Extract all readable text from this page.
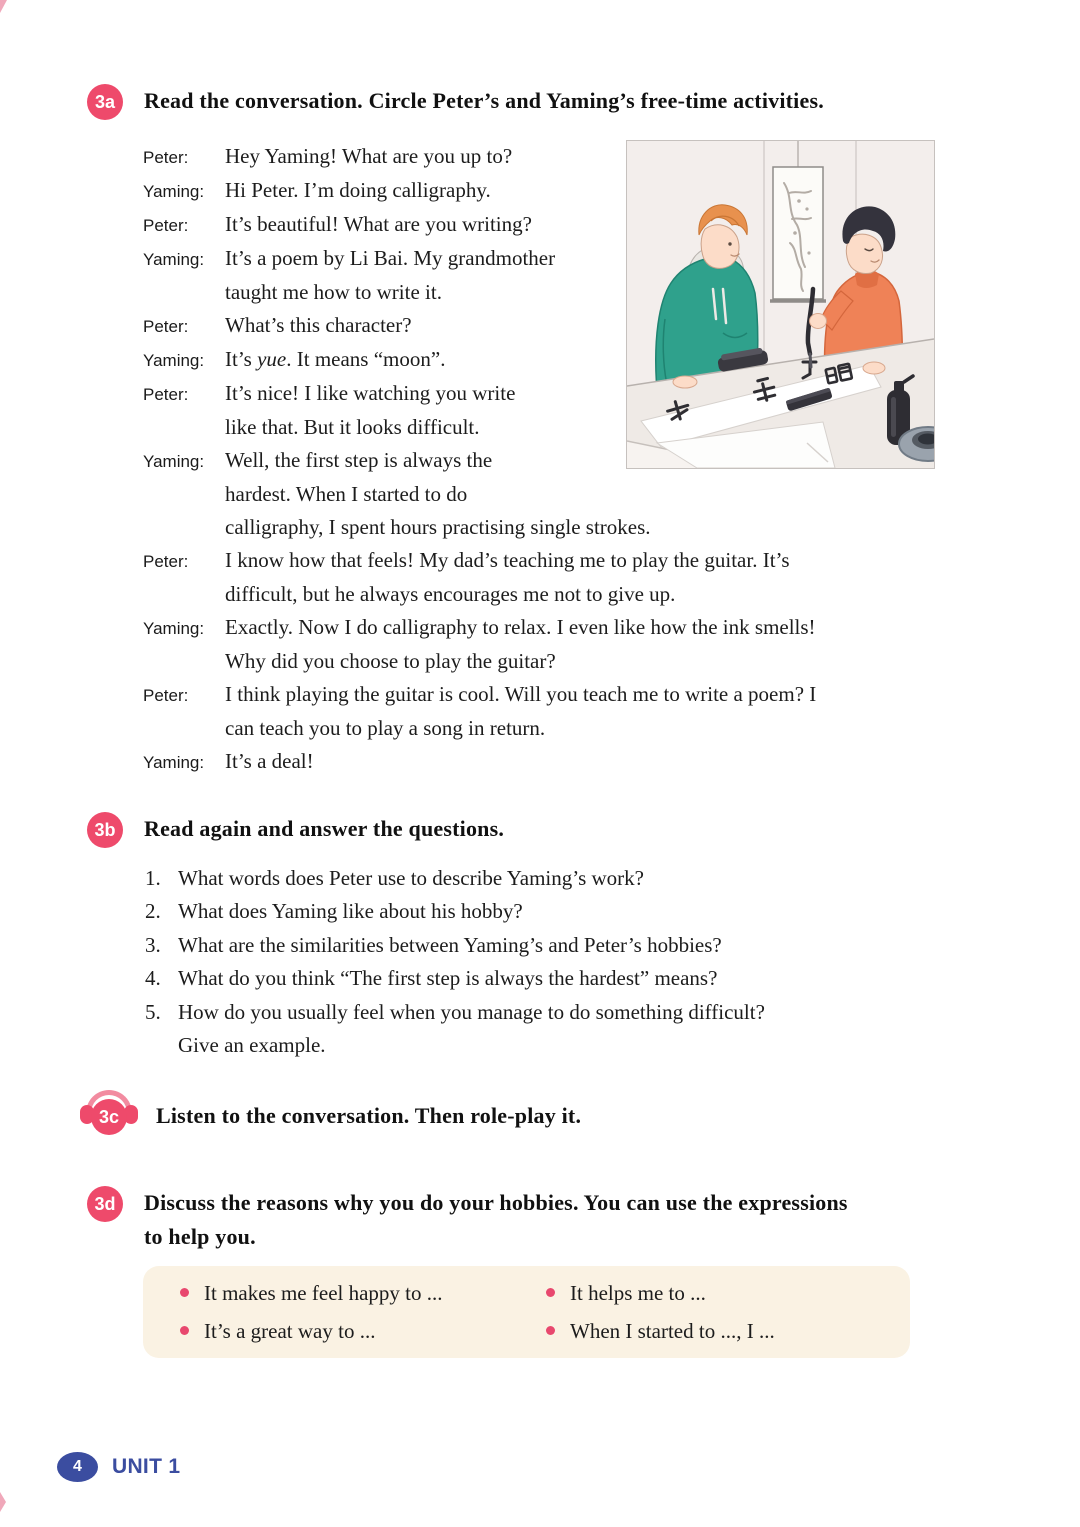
3a	Read the conversation. Circle Peter’s and Yaming’s free-time activities.

Peter: Hey Yaming! What are you up to?

Yaming: Hi Peter. I’m doing calligraphy.

Peter: It’s beautiful! What are you writing?

Yaming: It’s a poem by Li Bai. My grandmother
taught me how to write it.

Peter: What’s this character?

Yaming: It’s yue. It means “moon”.

Peter: It’s nice! I like watching you write
like that. But it looks difficult.

Yaming: Well, the first step is always the
hardest. When I started to do
calligraphy, I spent hours practising single strokes.

Peter: I know how that feels! My dad’s teaching me to play the guitar. It’s
difficult, but he always encourages me not to give up.

Yaming: Exactly. Now I do calligraphy to relax. I even like how the ink smells!
Why did you choose to play the guitar?

Peter: I think playing the guitar is cool. Will you teach me to write a poem? I
can teach you to play a song in return.

Yaming: It’s a deal!

3b	Read again and answer the questions.

1. What words does Peter use to describe Yaming’s work?

2. What does Yaming like about his hobby?

3. What are the similarities between Yaming’s and Peter’s hobbies?

4. What do you think “The first step is always the hardest” means?

5. How do you usually feel when you manage to do something difficult?
Give an example.

3c	Listen to the conversation. Then role-play it.
3d	Discuss the reasons why you do your hobbies. You can use the expressions
to help you.
It makes me feel happy to ...	It helps me to ...
It’s a great way to ...	When I started to ..., I ...
4	UNIT 1
